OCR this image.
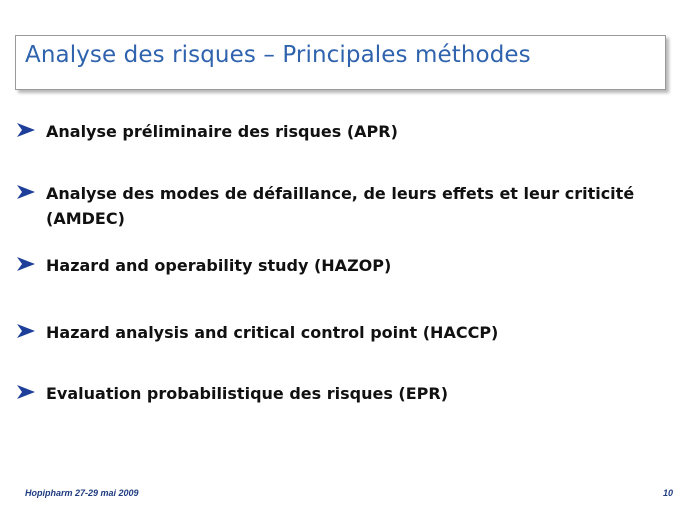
Analyse des risques – Principales méthodes
Analyse préliminaire des risques (APR)
Analyse des modes de défaillance, de leurs effets et leur criticité
(AMDEC)
Hazard and operability study (HAZOP)
Hazard analysis and critical control point (HACCP)
Evaluation probabilistique des risques (EPR)
Hopipharm 27-29 mai 2009	10
